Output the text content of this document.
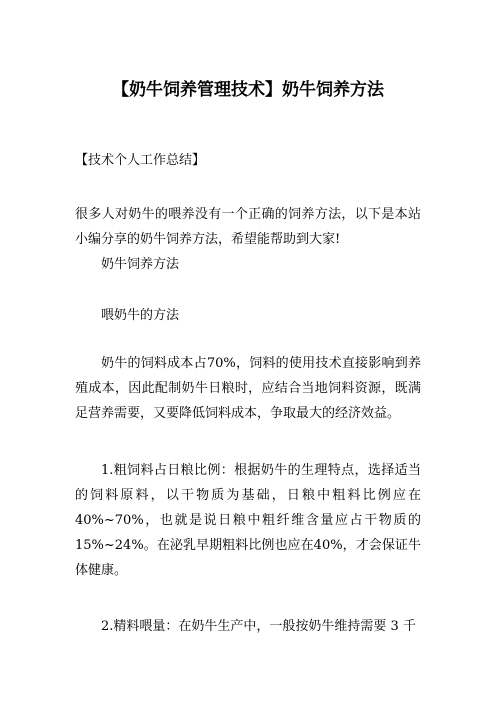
【奶牛饲养管理技术】奶牛饲养方法

【技术个人工作总结】

很多人对奶牛的喂养没有一个正确的饲养方法，以下是本站小编分享的奶牛饲养方法，希望能帮助到大家!

奶牛饲养方法

喂奶牛的方法

奶牛的饲料成本占70%，饲料的使用技术直接影响到养殖成本，因此配制奶牛日粮时，应结合当地饲料资源，既满足营养需要，又要降低饲料成本，争取最大的经济效益。

1.粗饲料占日粮比例：根据奶牛的生理特点，选择适当的饲料原料，以干物质为基础，日粮中粗料比例应在40%~70%，也就是说日粮中粗纤维含量应占干物质的15%~24%。在泌乳早期粗料比例也应在40%，才会保证牛体健康。

2.精料喂量：在奶牛生产中，一般按奶牛维持需要 3 千
